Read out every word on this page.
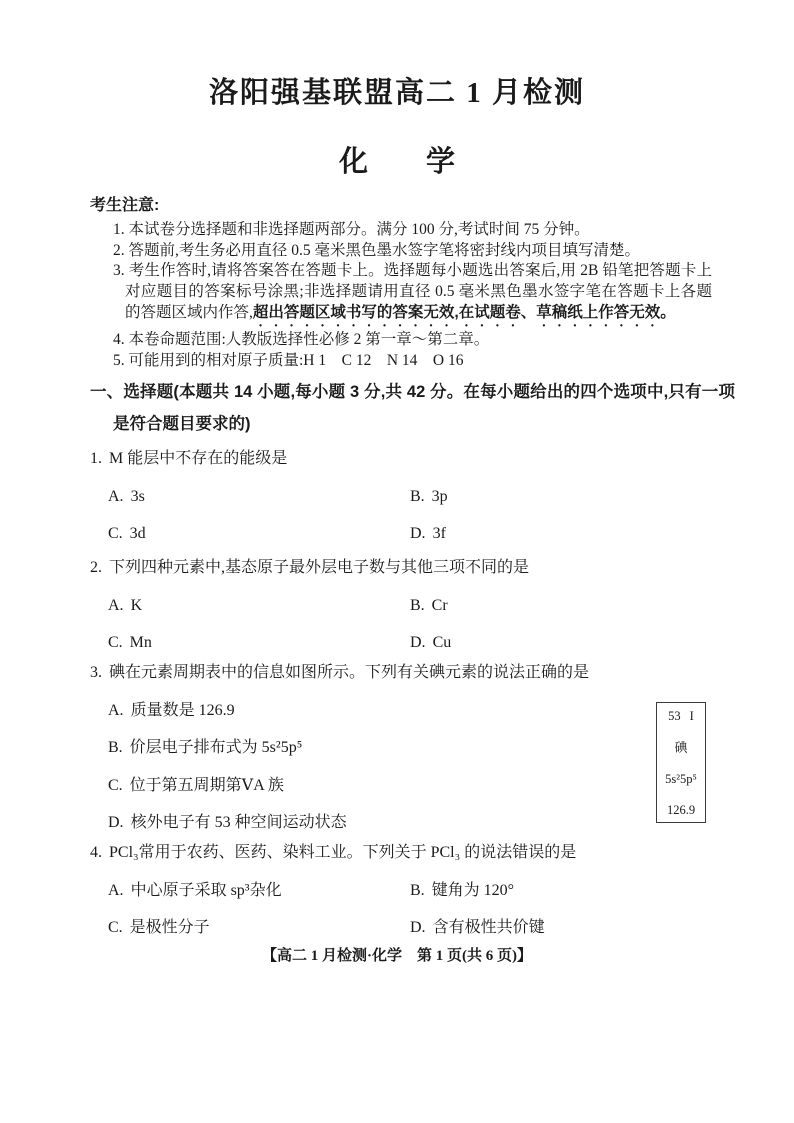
洛阳强基联盟高二 1 月检测
化　　学
考生注意:
1. 本试卷分选择题和非选择题两部分。满分 100 分,考试时间 75 分钟。
2. 答题前,考生务必用直径 0.5 毫米黑色墨水签字笔将密封线内项目填写清楚。
3. 考生作答时,请将答案答在答题卡上。选择题每小题选出答案后,用 2B 铅笔把答题卡上对应题目的答案标号涂黑;非选择题请用直径 0.5 毫米黑色墨水签字笔在答题卡上各题的答题区域内作答,超出答题区域书写的答案无效,在试题卷、草稿纸上作答无效。
4. 本卷命题范围:人教版选择性必修 2 第一章～第二章。
5. 可能用到的相对原子质量:H 1　C 12　N 14　O 16
一、选择题(本题共 14 小题,每小题 3 分,共 42 分。在每小题给出的四个选项中,只有一项是符合题目要求的)
1. M 能层中不存在的能级是
A. 3s	B. 3p
C. 3d	D. 3f
2. 下列四种元素中,基态原子最外层电子数与其他三项不同的是
A. K	B. Cr
C. Mn	D. Cu
3. 碘在元素周期表中的信息如图所示。下列有关碘元素的说法正确的是
A. 质量数是 126.9
B. 价层电子排布式为 5s²5p⁵
C. 位于第五周期第ⅤA 族
D. 核外电子有 53 种空间运动状态
53 I
碘
5s²5p⁵
126.9
4. PCl₃常用于农药、医药、染料工业。下列关于 PCl₃ 的说法错误的是
A. 中心原子采取 sp³杂化	B. 键角为 120°
C. 是极性分子	D. 含有极性共价键
【高二 1 月检测·化学　第 1 页(共 6 页)】
